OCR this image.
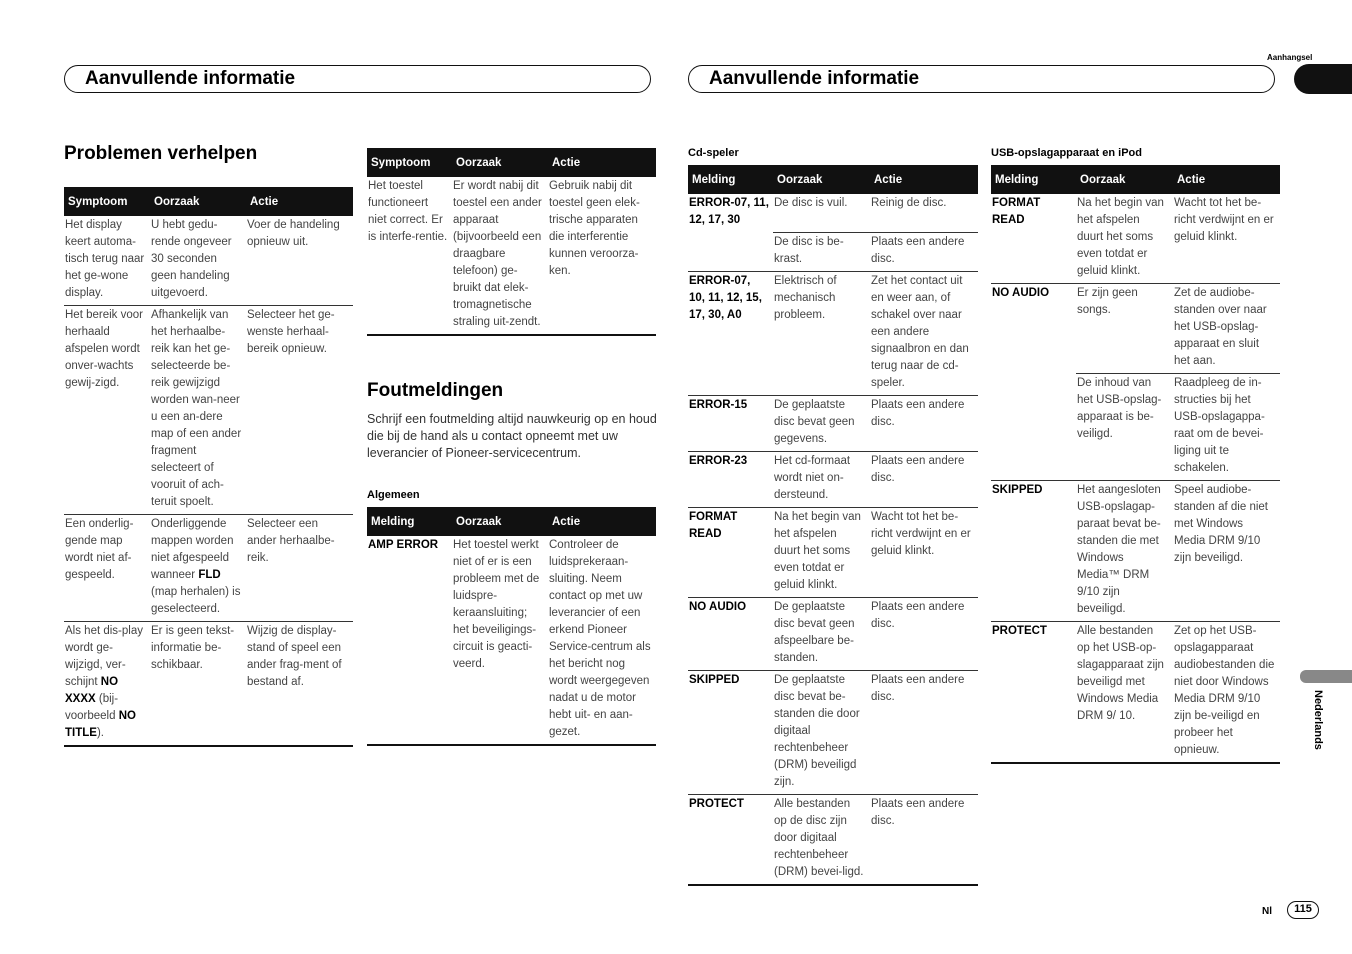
Aanvullende informatie	Aanvullende informatie
Aanhangsel
Problemen verhelpen
Symptoom	Oorzaak	Actie
Het display keert automa-tisch terug naar het ge-wone display.	U hebt gedu-rende ongeveer 30 seconden geen handeling uitgevoerd.	Voer de handeling opnieuw uit.
Het bereik voor herhaald afspelen wordt onver-wachts gewij-zigd.	Afhankelijk van het herhaalbe-reik kan het ge-selecteerde be-reik gewijzigd worden wan-neer u een an-dere map of een ander fragment selecteert of vooruit of ach-teruit spoelt.	Selecteer het ge-wenste herhaal-bereik opnieuw.
Een onderlig-gende map wordt niet af-gespeeld.	Onderliggende mappen worden niet afgespeeld wanneer FLD (map herhalen) is geselecteerd.	Selecteer een ander herhaalbe-reik.
Als het dis-play wordt ge-wijzigd, ver-schijnt NO XXXX (bij-voorbeeld NO TITLE).	Er is geen tekst-informatie be-schikbaar.	Wijzig de display-stand of speel een ander frag-ment of bestand af.
Symptoom	Oorzaak	Actie
Het toestel functioneert niet correct. Er is interfe-rentie.	Er wordt nabij dit toestel een ander apparaat (bijvoorbeeld een draagbare telefoon) ge-bruikt dat elek-tromagnetische straling uit-zendt.	Gebruik nabij dit toestel geen elek-trische apparaten die interferentie kunnen veroorza-ken.
Foutmeldingen
Schrijf een foutmelding altijd nauwkeurig op en houd die bij de hand als u contact opneemt met uw leverancier of Pioneer-servicecentrum.
Algemeen
Melding	Oorzaak	Actie
AMP ERROR	Het toestel werkt niet of er is een probleem met de luidspre-keraansluiting; het beveiligings-circuit is geacti-veerd.	Controleer de luidsprekeraan-sluiting. Neem contact op met uw leverancier of een erkend Pioneer Service-centrum als het bericht nog wordt weergegeven nadat u de motor hebt uit- en aan-gezet.
Cd-speler
Melding	Oorzaak	Actie
ERROR-07, 11, 12, 17, 30	De disc is vuil.	Reinig de disc.
	De disc is be-krast.	Plaats een andere disc.
ERROR-07, 10, 11, 12, 15, 17, 30, A0	Elektrisch of mechanisch probleem.	Zet het contact uit en weer aan, of schakel over naar een andere signaalbron en dan terug naar de cd-speler.
ERROR-15	De geplaatste disc bevat geen gegevens.	Plaats een andere disc.
ERROR-23	Het cd-formaat wordt niet on-dersteund.	Plaats een andere disc.
FORMAT READ	Na het begin van het afspelen duurt het soms even totdat er geluid klinkt.	Wacht tot het be-richt verdwijnt en er geluid klinkt.
NO AUDIO	De geplaatste disc bevat geen afspeelbare be-standen.	Plaats een andere disc.
SKIPPED	De geplaatste disc bevat be-standen die door digitaal rechtenbeheer (DRM) beveiligd zijn.	Plaats een andere disc.
PROTECT	Alle bestanden op de disc zijn door digitaal rechtenbeheer (DRM) bevei-ligd.	Plaats een andere disc.
USB-opslagapparaat en iPod
Melding	Oorzaak	Actie
FORMAT READ	Na het begin van het afspelen duurt het soms even totdat er geluid klinkt.	Wacht tot het be-richt verdwijnt en er geluid klinkt.
NO AUDIO	Er zijn geen songs.	Zet de audiobe-standen over naar het USB-opslag-apparaat en sluit het aan.
	De inhoud van het USB-opslag-apparaat is be-veiligd.	Raadpleeg de in-structies bij het USB-opslagappa-raat om de bevei-liging uit te schakelen.
SKIPPED	Het aangesloten USB-opslagap-paraat bevat be-standen die met Windows Media™ DRM 9/10 zijn beveiligd.	Speel audiobe-standen af die niet met Windows Media DRM 9/10 zijn beveiligd.
PROTECT	Alle bestanden op het USB-op-slagapparaat zijn beveiligd met Windows Media DRM 9/ 10.	Zet op het USB-opslagapparaat audiobestanden die niet door Windows Media DRM 9/10 zijn be-veiligd en probeer het opnieuw.
Nederlands
Nl	115
